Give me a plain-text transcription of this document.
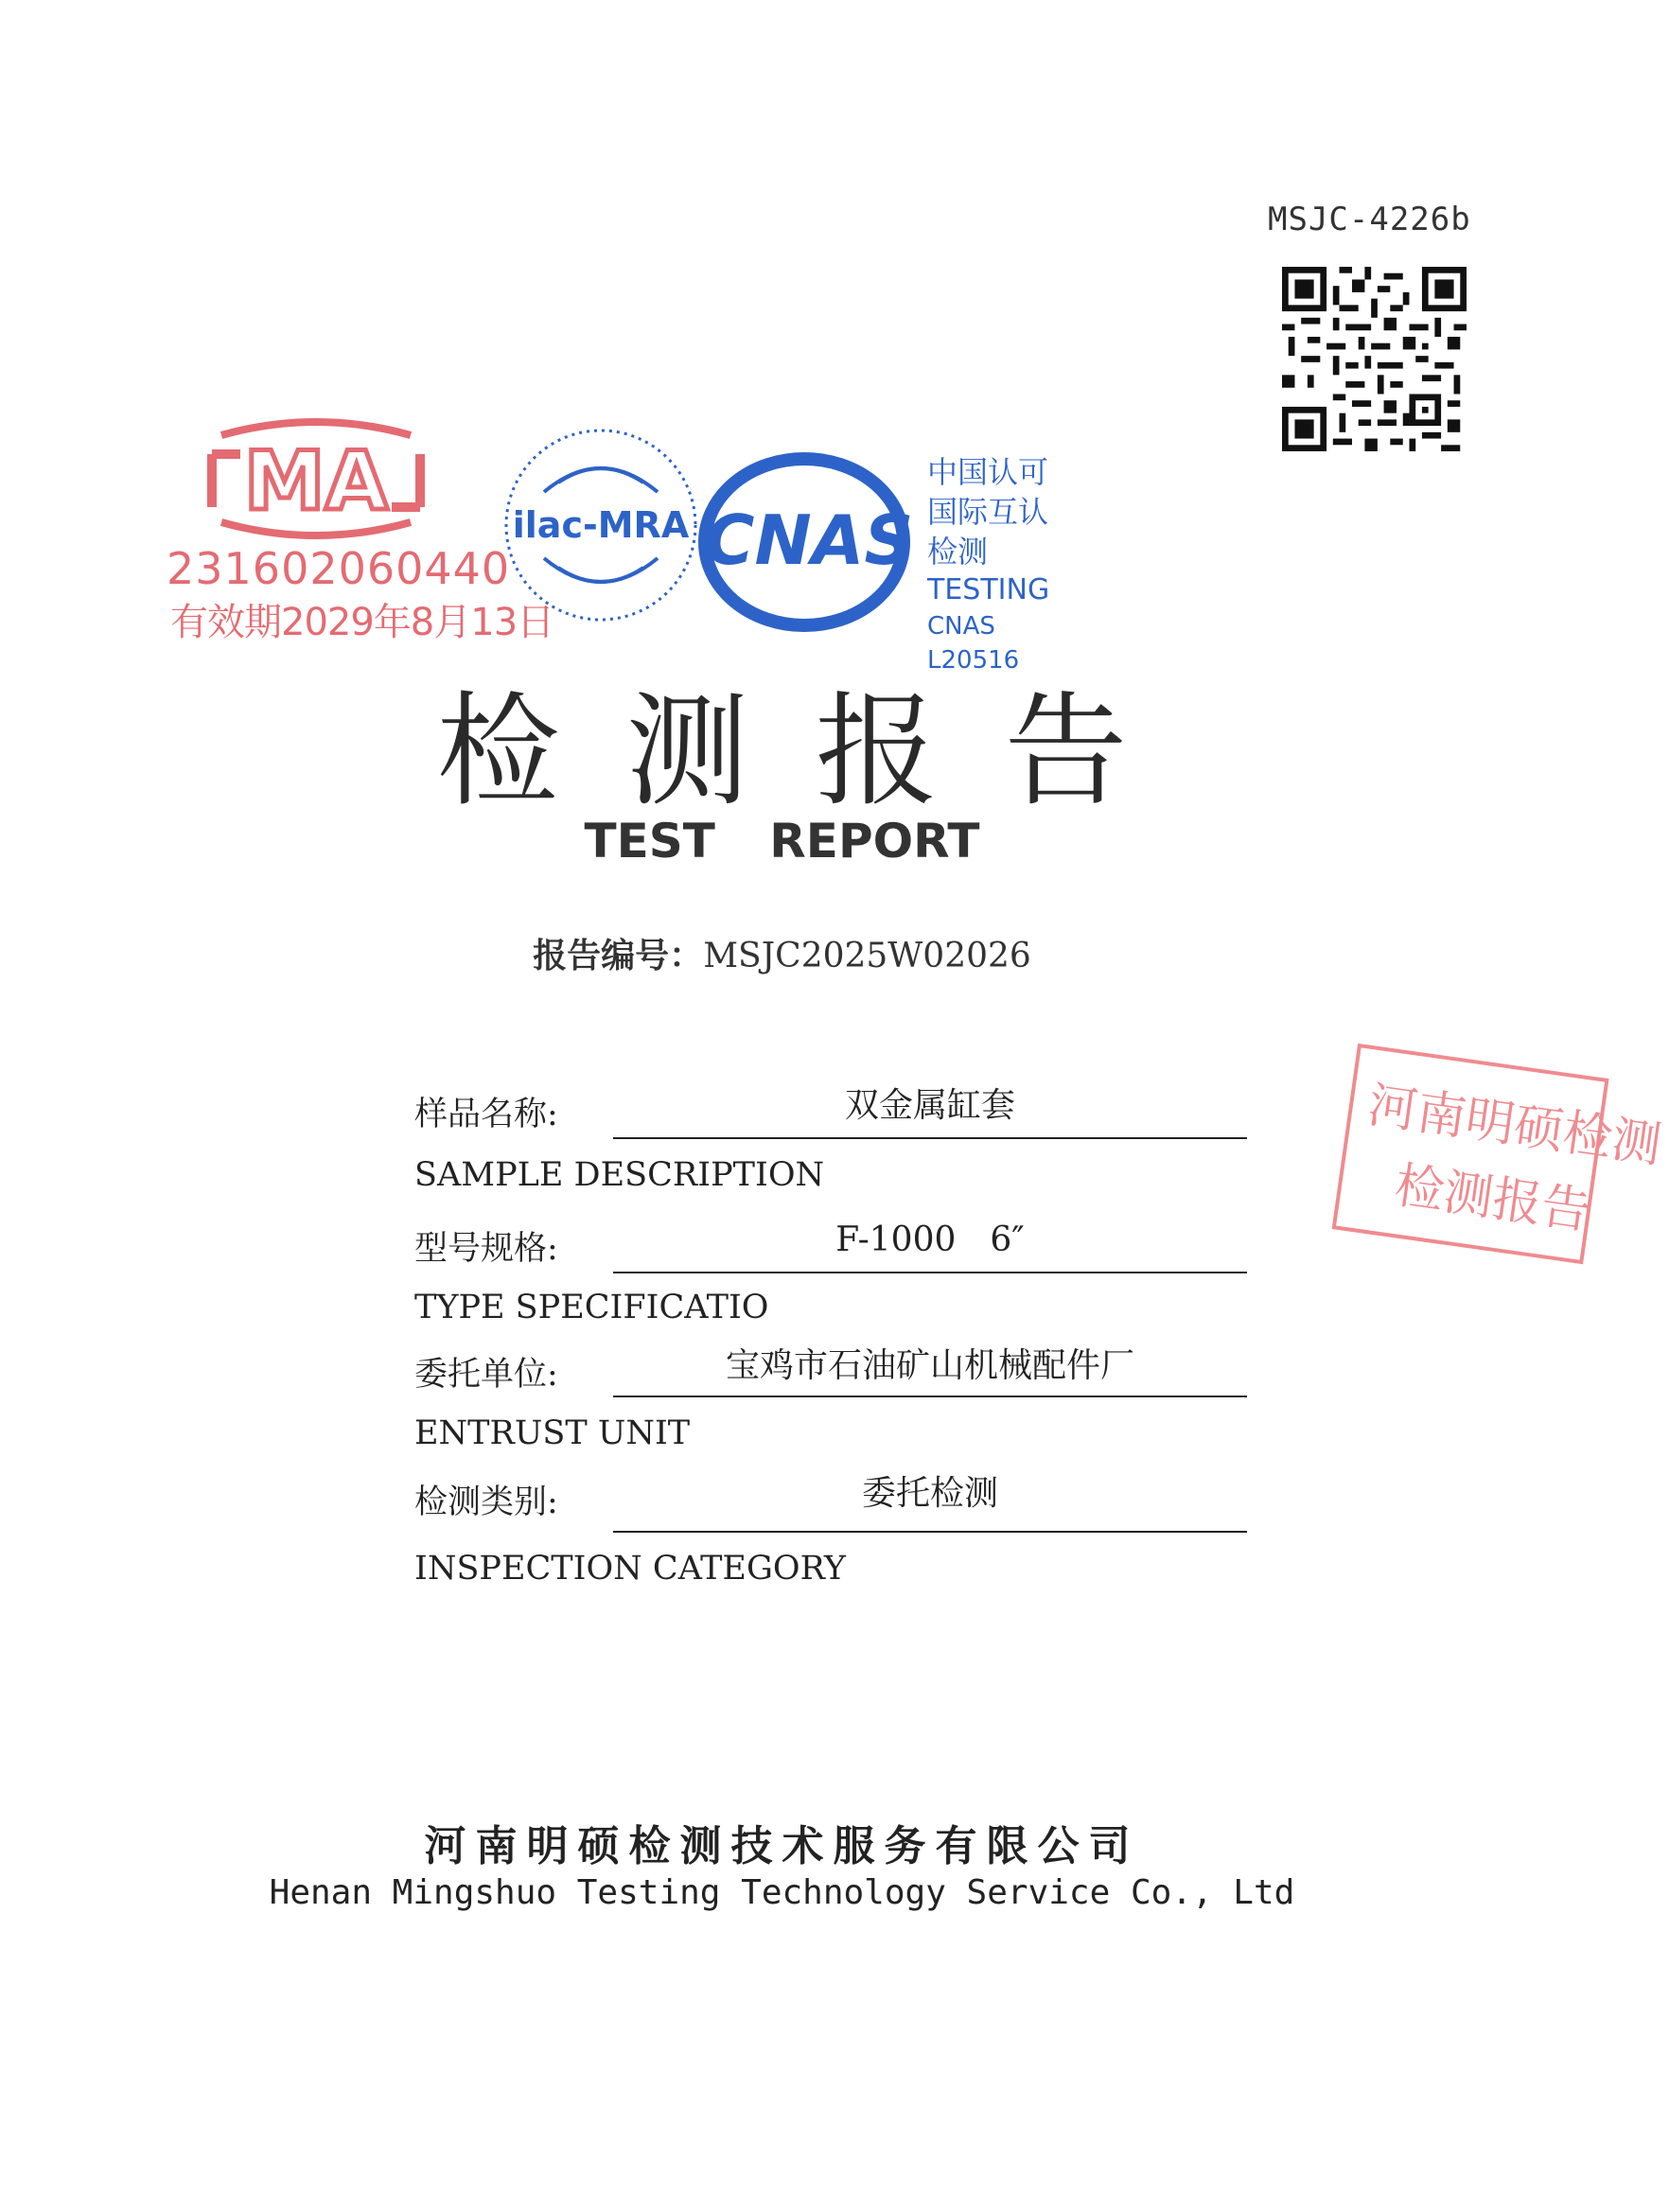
MSJC-4226b
MA
231602060440
有效期2029年8月13日
ilac-MRA CNAS
中国认可
国际互认
检测
TESTING
CNAS L20516
检测报告
TEST REPORT
报告编号：MSJC2025W02026
样品名称:	双金属缸套
SAMPLE DESCRIPTION
型号规格:	F-1000　6″
TYPE SPECIFICATIO
委托单位:	宝鸡市石油矿山机械配件厂
ENTRUST UNIT
检测类别:	委托检测
INSPECTION CATEGORY
河南明硕检测
检测报告
河南明硕检测技术服务有限公司
Henan Mingshuo Testing Technology Service Co., Ltd
